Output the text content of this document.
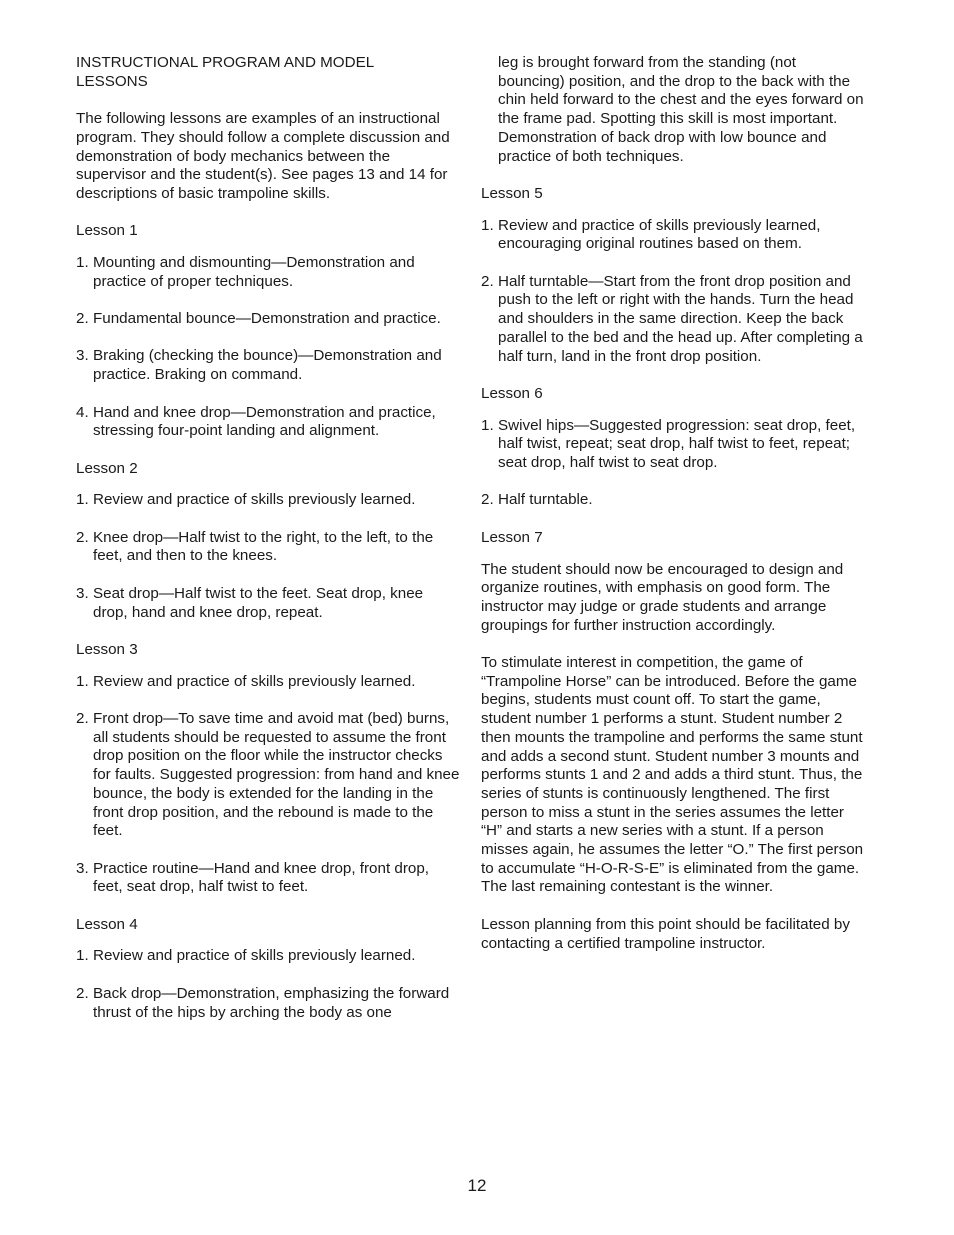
INSTRUCTIONAL PROGRAM AND MODEL
LESSONS

The following lessons are examples of an instructional program. They should follow a complete discussion and demonstration of body mechanics between the supervisor and the student(s). See pages 13 and 14 for descriptions of basic trampoline skills.

Lesson 1
1. Mounting and dismounting—Demonstration and practice of proper techniques.
2. Fundamental bounce—Demonstration and practice.
3. Braking (checking the bounce)—Demonstration and practice. Braking on command.
4. Hand and knee drop—Demonstration and practice, stressing four-point landing and alignment.
Lesson 2
1. Review and practice of skills previously learned.
2. Knee drop—Half twist to the right, to the left, to the feet, and then to the knees.
3. Seat drop—Half twist to the feet. Seat drop, knee drop, hand and knee drop, repeat.
Lesson 3
1. Review and practice of skills previously learned.
2. Front drop—To save time and avoid mat (bed) burns, all students should be requested to assume the front drop position on the floor while the instructor checks for faults. Suggested progression: from hand and knee bounce, the body is extended for the landing in the front drop position, and the rebound is made to the feet.
3. Practice routine—Hand and knee drop, front drop, feet, seat drop, half twist to feet.
Lesson 4
1. Review and practice of skills previously learned.
2. Back drop—Demonstration, emphasizing the forward thrust of the hips by arching the body as one
leg is brought forward from the standing (not bouncing) position, and the drop to the back with the chin held forward to the chest and the eyes forward on the frame pad. Spotting this skill is most important. Demonstration of back drop with low bounce and practice of both techniques.
Lesson 5
1. Review and practice of skills previously learned, encouraging original routines based on them.
2. Half turntable—Start from the front drop position and push to the left or right with the hands. Turn the head and shoulders in the same direction. Keep the back parallel to the bed and the head up. After completing a half turn, land in the front drop position.
Lesson 6
1. Swivel hips—Suggested progression: seat drop, feet, half twist, repeat; seat drop, half twist to feet, repeat; seat drop, half twist to seat drop.
2. Half turntable.
Lesson 7

The student should now be encouraged to design and organize routines, with emphasis on good form. The instructor may judge or grade students and arrange groupings for further instruction accordingly.

To stimulate interest in competition, the game of “Trampoline Horse” can be introduced. Before the game begins, students must count off. To start the game, student number 1 performs a stunt. Student number 2 then mounts the trampoline and performs the same stunt and adds a second stunt. Student number 3 mounts and performs stunts 1 and 2 and adds a third stunt. Thus, the series of stunts is continuously lengthened. The first person to miss a stunt in the series assumes the letter “H” and starts a new series with a stunt. If a person misses again, he assumes the letter “O.” The first person to accumulate “H-O-R-S-E” is eliminated from the game. The last remaining contestant is the winner.

Lesson planning from this point should be facilitated by contacting a certified trampoline instructor.

12
